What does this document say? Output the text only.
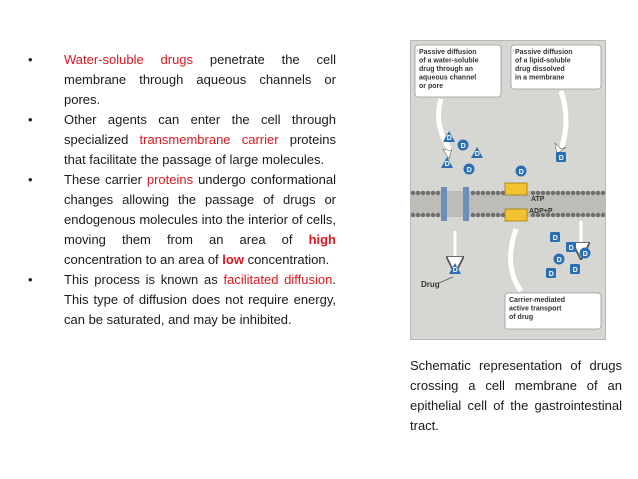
• Water-soluble drugs penetrate the cell membrane through aqueous channels or pores.
• Other agents can enter the cell through specialized transmembrane carrier proteins that facilitate the passage of large molecules.
• These carrier proteins undergo conformational changes allowing the passage of drugs or endogenous molecules into the interior of cells, moving them from an area of high concentration to an area of low concentration.
• This process is known as facilitated diffusion. This type of diffusion does not require energy, can be saturated, and may be inhibited.
ATP
ADP+P
Passive diffusion of a water-soluble drug through an aqueous channel or pore
Passive diffusion of a lipid-soluble drug dissolved in a membrane
Carrier-mediated active transport of drug
Drug
D
D
D
D
D
D
D
D
D
D
D
D
D
D
Schematic representation of drugs crossing a cell membrane of an epithelial cell of the gastrointestinal tract.
